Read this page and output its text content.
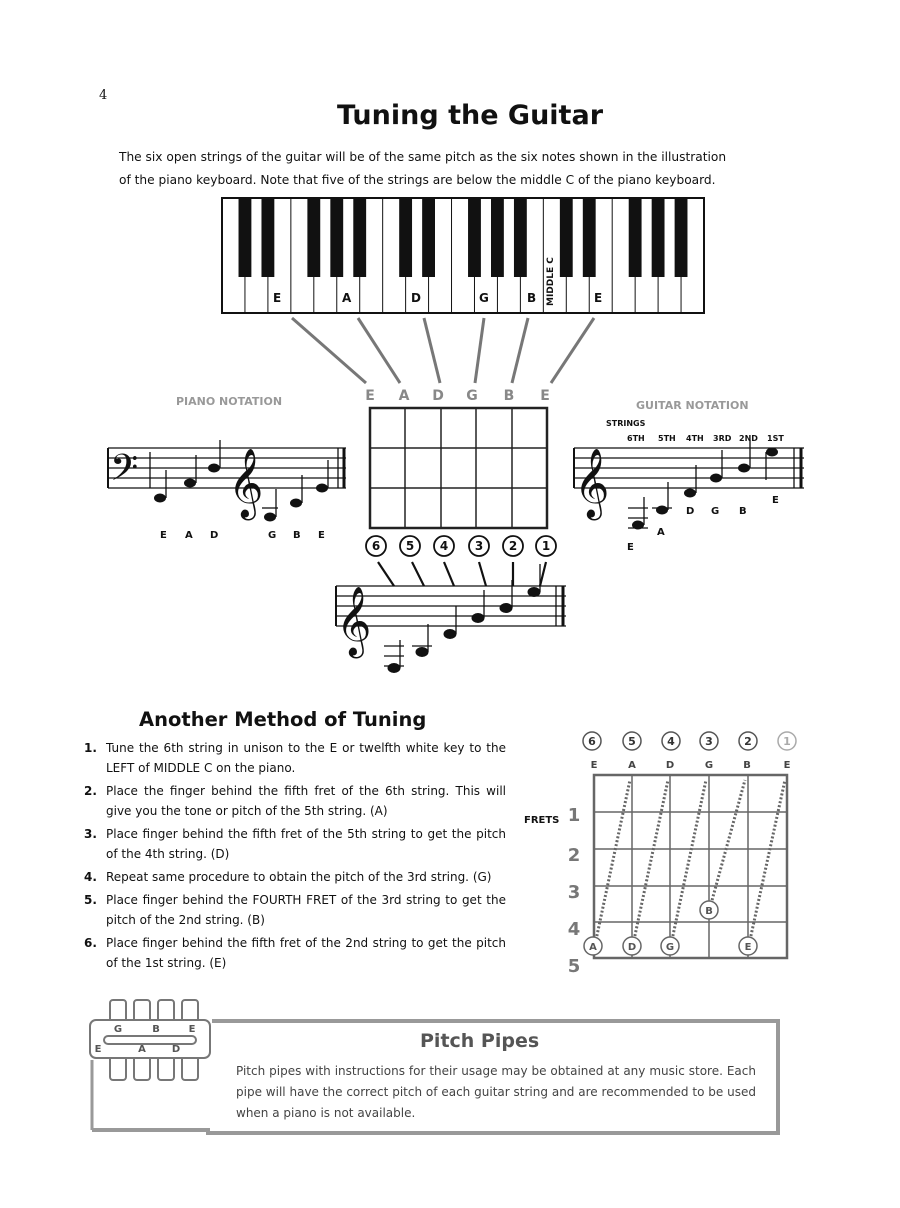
4
Tuning the Guitar

The six open strings of the guitar will be of the same pitch as the six notes shown in the illustration

of the piano keyboard. Note that five of the strings are below the middle C of the piano keyboard.

E	A	D	G	B	E
MIDDLE C
E A D G B E
PIANO NOTATION
𝄢 𝄞
E A D	G B E
GUITAR NOTATION
STRINGS
6TH 5TH 4TH 3RD 2ND 1ST
𝄞
E
A
D G B
E
6 5 4 3 2 1
𝄞
6	5	4	3	2	1
E	A	D	G	B	E
FRETS 1
2
3
4
5
A	D	G
B
E
E	A	D
G	B	E
Another Method of Tuning
1. Tune the 6th string in unison to the E or twelfth white key to the LEFT of MIDDLE C on the piano.
2. Place the finger behind the fifth fret of the 6th string. This will give you the tone or pitch of the 5th string. (A)
3. Place finger behind the fifth fret of the 5th string to get the pitch of the 4th string. (D)
4. Repeat same procedure to obtain the pitch of the 3rd string. (G)
5. Place finger behind the FOURTH FRET of the 3rd string to get the pitch of the 2nd string. (B)
6. Place finger behind the fifth fret of the 2nd string to get the pitch of the 1st string. (E)
Pitch Pipes
Pitch pipes with instructions for their usage may be obtained at any music store. Each pipe will have the correct pitch of each guitar string and are recommended to be used when a piano is not available.
